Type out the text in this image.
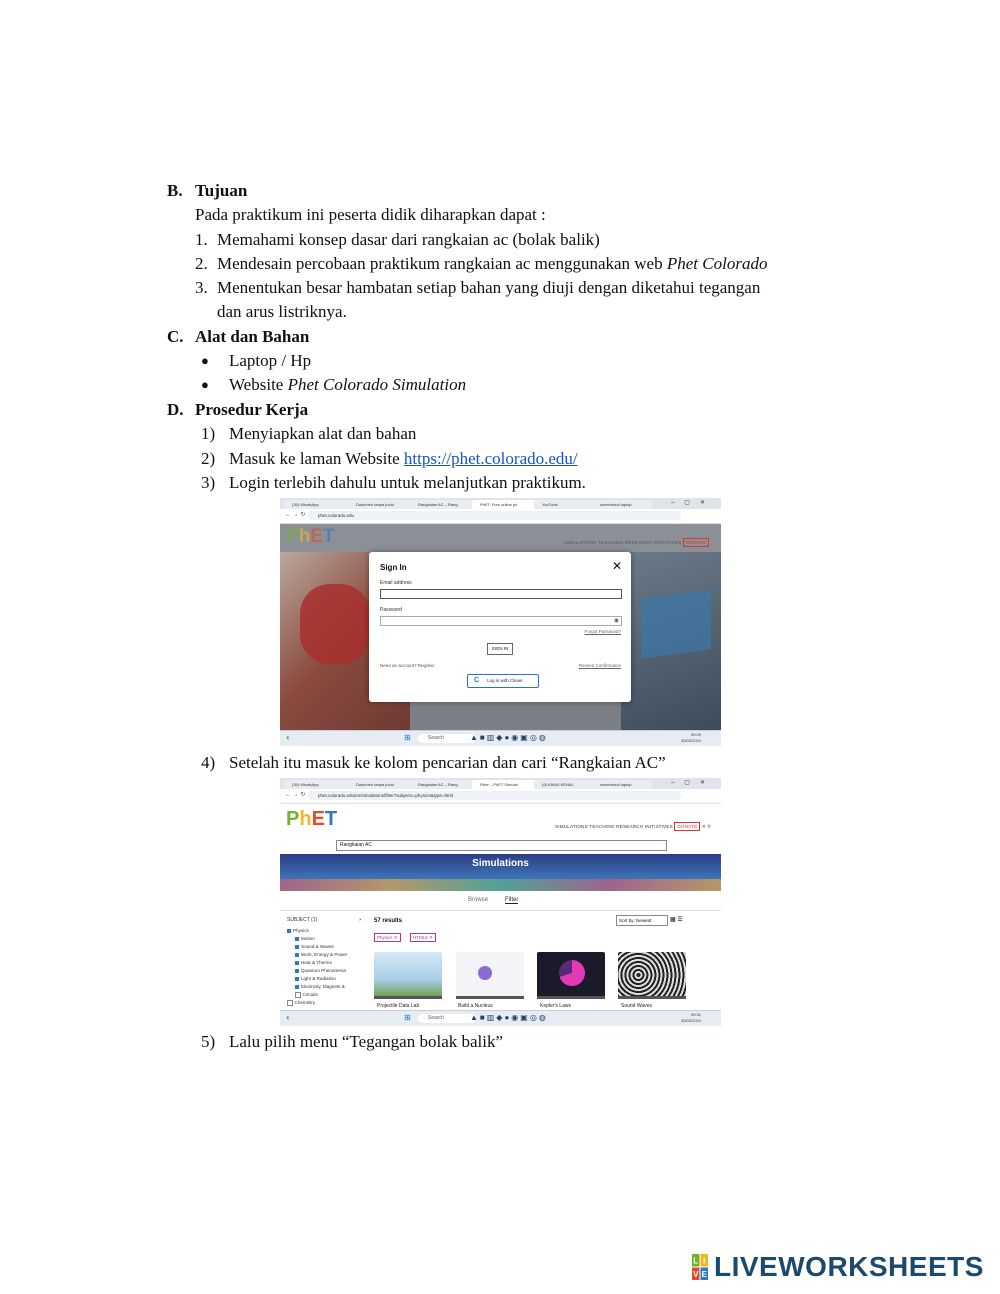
B. Tujuan
Pada praktikum ini peserta didik diharapkan dapat :
1. Memahami konsep dasar dari rangkaian ac (bolak balik)
2. Mendesain percobaan praktikum rangkaian ac menggunakan web Phet Colorado
3. Menentukan besar hambatan setiap bahan yang diuji dengan diketahui tegangan
dan arus listriknya.
C. Alat dan Bahan
● Laptop / Hp
● Website Phet Colorado Simulation
D. Prosedur Kerja
1) Menyiapkan alat dan bahan
2) Masuk ke laman Website https://phet.colorado.edu/
3) Login terlebih dahulu untuk melanjutkan praktikum.
(39) WhatsApp	Dokumen tanpa judul	Rangkaian AC – Rang	PhET: Free online ph	YouTube	screenshot laptop	–▢✕
← → ↻	phet.colorado.edu
PhET	SIMULATIONS TEACHING RESEARCH INITIATIVES DONATE
Sign In	✕
Email address
Password
◉
Forgot Password?
SIGN IN
Need an account? Register	Resend Confirmation
C Log in with Clever
◐	⊞	Search	▲■▥◆●◉▣◎◍	09:29
30/03/2024
4) Setelah itu masuk ke kolom pencarian dan cari “Rangkaian AC”
(39) WhatsApp	Dokumen tanpa judul	Rangkaian AC – Rang	Filter – PhET Simulat	(9) KAMU KENAL	screenshot laptop	–▢✕
← → ↻	phet.colorado.edu/en/simulations/filter?subjects=physics&type=html
PhET	SIMULATIONS TEACHING RESEARCH INITIATIVES DONATE ✕ ⚲
Rangkaian AC
Simulations
Browse	Filter
SUBJECT (1)	×
Physics
Motion
Sound & Waves
Work, Energy & Power
Heat & Thermo
Quantum Phenomena
Light & Radiation
Electricity, Magnets &
Circuits
Chemistry
57 results	Sort by: Newest	▦ ☰
Physics ✕	HTML5 ✕
Projectile Data Lab	Build a Nucleus	Kepler's Laws	Sound Waves
◐	⊞	Search	▲■▥◆●◉▣◎◍	09:31
30/03/2024
5) Lalu pilih menu “Tegangan bolak balik”
L I
V E LIVEWORKSHEETS
